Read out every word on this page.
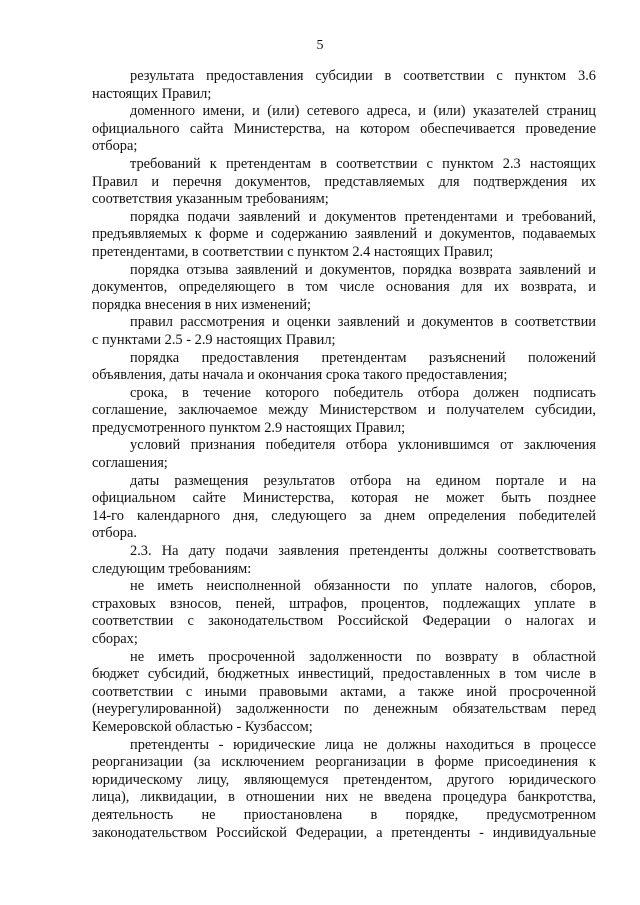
5
результата предоставления субсидии в соответствии с пунктом 3.6
настоящих Правил;
доменного имени, и (или) сетевого адреса, и (или) указателей страниц
официального сайта Министерства, на котором обеспечивается проведение
отбора;
требований к претендентам в соответствии с пунктом 2.3 настоящих
Правил и перечня документов, представляемых для подтверждения их
соответствия указанным требованиям;
порядка подачи заявлений и документов претендентами и требований,
предъявляемых к форме и содержанию заявлений и документов, подаваемых
претендентами, в соответствии с пунктом 2.4 настоящих Правил;
порядка отзыва заявлений и документов, порядка возврата заявлений и
документов, определяющего в том числе основания для их возврата, и
порядка внесения в них изменений;
правил рассмотрения и оценки заявлений и документов в соответствии
с пунктами 2.5 - 2.9 настоящих Правил;
порядка предоставления претендентам разъяснений положений
объявления, даты начала и окончания срока такого предоставления;
срока, в течение которого победитель отбора должен подписать
соглашение, заключаемое между Министерством и получателем субсидии,
предусмотренного пунктом 2.9 настоящих Правил;
условий признания победителя отбора уклонившимся от заключения
соглашения;
даты размещения результатов отбора на едином портале и на
официальном сайте Министерства, которая не может быть позднее
14-го календарного дня, следующего за днем определения победителей
отбора.
2.3. На дату подачи заявления претенденты должны соответствовать
следующим требованиям:
не иметь неисполненной обязанности по уплате налогов, сборов,
страховых взносов, пеней, штрафов, процентов, подлежащих уплате в
соответствии с законодательством Российской Федерации о налогах и
сборах;
не иметь просроченной задолженности по возврату в областной
бюджет субсидий, бюджетных инвестиций, предоставленных в том числе в
соответствии с иными правовыми актами, а также иной просроченной
(неурегулированной) задолженности по денежным обязательствам перед
Кемеровской областью - Кузбассом;
претенденты - юридические лица не должны находиться в процессе
реорганизации (за исключением реорганизации в форме присоединения к
юридическому лицу, являющемуся претендентом, другого юридического
лица), ликвидации, в отношении них не введена процедура банкротства,
деятельность не приостановлена в порядке, предусмотренном
законодательством Российской Федерации, а претенденты - индивидуальные
